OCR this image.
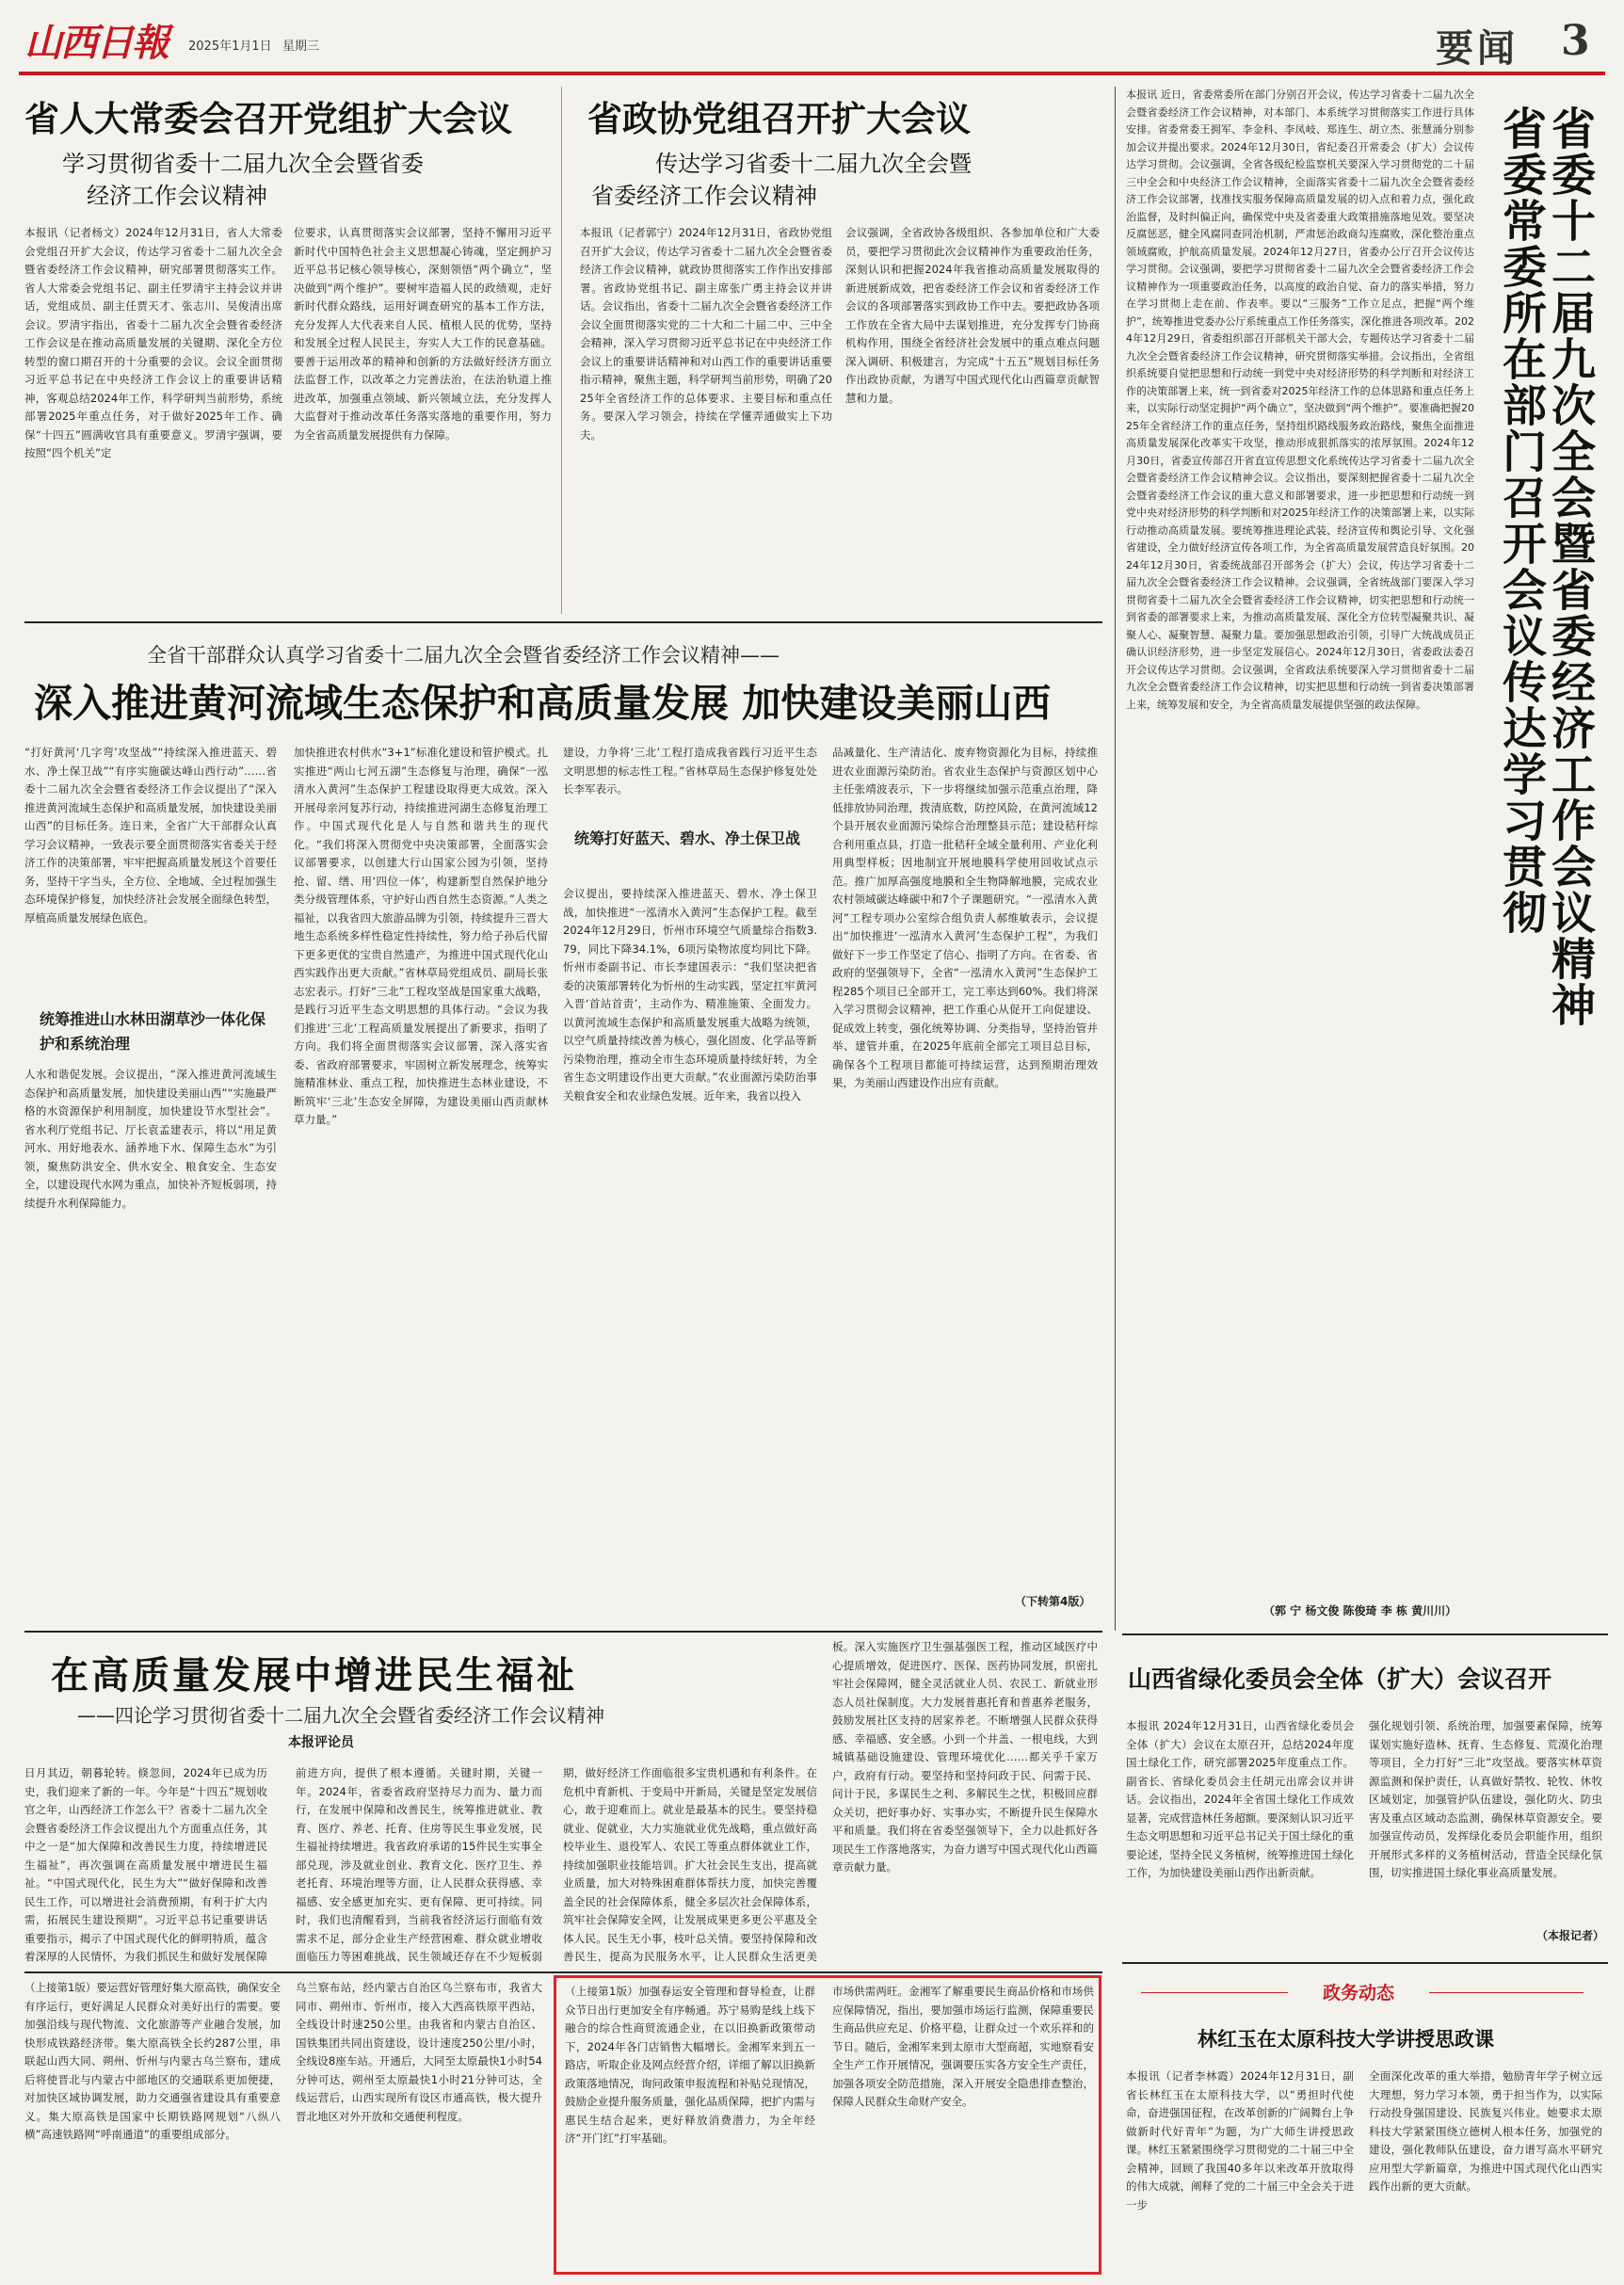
山西日報 2025年1月1日 星期三	要闻 3
省人大常委会召开党组扩大会议
学习贯彻省委十二届九次全会暨省委
经济工作会议精神
本报讯（记者杨文）2024年12月31日，省人大常委会党组召开扩大会议，传达学习省委十二届九次全会暨省委经济工作会议精神，研究部署贯彻落实工作。省人大常委会党组书记、副主任罗清宇主持会议并讲话，党组成员、副主任贾天才、张志川、吴俊清出席会议。罗清宇指出，省委十二届九次全会暨省委经济工作会议是在推动高质量发展的关键期、深化全方位转型的窗口期召开的十分重要的会议。会议全面贯彻习近平总书记在中央经济工作会议上的重要讲话精神，客观总结2024年工作，科学研判当前形势，系统部署2025年重点任务，对于做好2025年工作、确保“十四五”圆满收官具有重要意义。罗清宇强调，要按照“四个机关”定
位要求，认真贯彻落实会议部署，坚持不懈用习近平新时代中国特色社会主义思想凝心铸魂，坚定拥护习近平总书记核心领导核心，深刻领悟“两个确立”，坚决做到“两个维护”。要树牢造福人民的政绩观，走好新时代群众路线，运用好调查研究的基本工作方法，充分发挥人大代表来自人民、植根人民的优势，坚持和发展全过程人民民主，夯实人大工作的民意基础。要善于运用改革的精神和创新的方法做好经济方面立法监督工作，以改革之力完善法治，在法治轨道上推进改革，加强重点领域、新兴领域立法，充分发挥人大监督对于推动改革任务落实落地的重要作用，努力为全省高质量发展提供有力保障。
省政协党组召开扩大会议
传达学习省委十二届九次全会暨
省委经济工作会议精神
本报讯（记者郭宁）2024年12月31日，省政协党组召开扩大会议，传达学习省委十二届九次全会暨省委经济工作会议精神，就政协贯彻落实工作作出安排部署。省政协党组书记、副主席张广勇主持会议并讲话。会议指出，省委十二届九次全会暨省委经济工作会议全面贯彻落实党的二十大和二十届二中、三中全会精神，深入学习贯彻习近平总书记在中央经济工作会议上的重要讲话精神和对山西工作的重要讲话重要指示精神，聚焦主题，科学研判当前形势，明确了2025年全省经济工作的总体要求、主要目标和重点任务。要深入学习领会，持续在学懂弄通做实上下功夫。
会议强调，全省政协各级组织、各参加单位和广大委员，要把学习贯彻此次会议精神作为重要政治任务，深刻认识和把握2024年我省推动高质量发展取得的新进展新成效，把省委经济工作会议和省委经济工作会议的各项部署落实到政协工作中去。要把政协各项工作放在全省大局中去谋划推进，充分发挥专门协商机构作用，围绕全省经济社会发展中的重点难点问题深入调研、积极建言，为完成“十五五”规划目标任务作出政协贡献，为谱写中国式现代化山西篇章贡献智慧和力量。
本报讯 近日，省委常委所在部门分别召开会议，传达学习省委十二届九次全会暨省委经济工作会议精神，对本部门、本系统学习贯彻落实工作进行具体安排。省委常委王拥军、李金科、李凤岐、郑连生、胡立杰、张慧涌分别参加会议并提出要求。2024年12月30日，省纪委召开常委会（扩大）会议传达学习贯彻。会议强调，全省各级纪检监察机关要深入学习贯彻党的二十届三中全会和中央经济工作会议精神，全面落实省委十二届九次全会暨省委经济工作会议部署，找准找实服务保障高质量发展的切入点和着力点，强化政治监督，及时纠偏正向，确保党中央及省委重大政策措施落地见效。要坚决反腐惩恶，健全风腐同查同治机制，严肃惩治政商勾连腐败，深化整治重点领域腐败，护航高质量发展。2024年12月27日，省委办公厅召开会议传达学习贯彻。会议强调，要把学习贯彻省委十二届九次全会暨省委经济工作会议精神作为一项重要政治任务，以高度的政治自觉、奋力的落实举措，努力在学习贯彻上走在前、作表率。要以“三服务”工作立足点，把握“两个维护”，统筹推进党委办公厅系统重点工作任务落实，深化推进各项改革。2024年12月29日，省委组织部召开部机关干部大会，专题传达学习省委十二届九次全会暨省委经济工作会议精神，研究贯彻落实举措。会议指出，全省组织系统要自觉把思想和行动统一到党中央对经济形势的科学判断和对经济工作的决策部署上来，统一到省委对2025年经济工作的总体思路和重点任务上来，以实际行动坚定拥护“两个确立”，坚决做到“两个维护”。要准确把握2025年全省经济工作的重点任务，坚持组织路线服务政治路线，聚焦全面推进高质量发展深化改革实干攻坚，推动形成狠抓落实的浓厚氛围。2024年12月30日，省委宣传部召开省直宣传思想文化系统传达学习省委十二届九次全会暨省委经济工作会议精神会议。会议指出，要深刻把握省委十二届九次全会暨省委经济工作会议的重大意义和部署要求，进一步把思想和行动统一到党中央对经济形势的科学判断和对2025年经济工作的决策部署上来，以实际行动推动高质量发展。要统筹推进理论武装、经济宣传和舆论引导、文化强省建设，全力做好经济宣传各项工作，为全省高质量发展营造良好氛围。2024年12月30日，省委统战部召开部务会（扩大）会议，传达学习省委十二届九次全会暨省委经济工作会议精神。会议强调，全省统战部门要深入学习贯彻省委十二届九次全会暨省委经济工作会议精神，切实把思想和行动统一到省委的部署要求上来，为推动高质量发展、深化全方位转型凝聚共识、凝聚人心、凝聚智慧、凝聚力量。要加强思想政治引领，引导广大统战成员正确认识经济形势，进一步坚定发展信心。2024年12月30日，省委政法委召开会议传达学习贯彻。会议强调，全省政法系统要深入学习贯彻省委十二届九次全会暨省委经济工作会议精神，切实把思想和行动统一到省委决策部署上来，统筹发展和安全，为全省高质量发展提供坚强的政法保障。	省委常委所在部门召开会议传达学习贯彻
省委十二届九次全会暨省委经济工作会议精神
（郭 宁 杨文俊 陈俊琦 李 栋 黄川川）
全省干部群众认真学习省委十二届九次全会暨省委经济工作会议精神——
深入推进黄河流域生态保护和高质量发展 加快建设美丽山西
“打好黄河‘几字弯’攻坚战”“持续深入推进蓝天、碧水、净土保卫战”“有序实施碳达峰山西行动”……省委十二届九次全会暨省委经济工作会议提出了“深入推进黄河流域生态保护和高质量发展，加快建设美丽山西”的目标任务。连日来，全省广大干部群众认真学习会议精神，一致表示要全面贯彻落实省委关于经济工作的决策部署，牢牢把握高质量发展这个首要任务，坚持干字当头，全方位、全地域、全过程加强生态环境保护修复，加快经济社会发展全面绿色转型，厚植高质量发展绿色底色。
统筹推进山水林田湖草沙一体化保护和系统治理
人水和谐促发展。会议提出，“深入推进黄河流域生态保护和高质量发展，加快建设美丽山西”“实施最严格的水资源保护利用制度，加快建设节水型社会”。省水利厅党组书记、厅长袁孟建表示，将以“用足黄河水、用好地表水、涵养地下水、保障生态水”为引领，聚焦防洪安全、供水安全、粮食安全、生态安全，以建设现代水网为重点，加快补齐短板弱项，持续提升水利保障能力。
加快推进农村供水“3+1”标准化建设和管护模式。扎实推进“两山七河五湖”生态修复与治理，确保“一泓清水入黄河”生态保护工程建设取得更大成效。深入开展母亲河复苏行动，持续推进河湖生态修复治理工作。中国式现代化是人与自然和谐共生的现代化。“我们将深入贯彻党中央决策部署，全面落实会议部署要求，以创建大行山国家公园为引领，坚持抢、留、缮、用‘四位一体’，构建新型自然保护地分类分级管理体系，守护好山西自然生态资源。”人类之福祉，以我省四大旅游品牌为引领，持续提升三晋大地生态系统多样性稳定性持续性，努力给子孙后代留下更多更优的宝贵自然遗产，为推进中国式现代化山西实践作出更大贡献。”省林草局党组成员、副局长张志宏表示。打好“三北”工程攻坚战是国家重大战略，是践行习近平生态文明思想的具体行动。“会议为我们推进‘三北’工程高质量发展提出了新要求，指明了方向。我们将全面贯彻落实会议部署，深入落实省委、省政府部署要求，牢固树立新发展理念，统筹实施精准林业、重点工程，加快推进生态林业建设，不断筑牢‘三北’生态安全屏障，为建设美丽山西贡献林草力量。”
建设，力争将‘三北’工程打造成我省践行习近平生态文明思想的标志性工程。”省林草局生态保护修复处处长李军表示。
统筹打好蓝天、碧水、净土保卫战
会议提出，要持续深入推进蓝天、碧水、净土保卫战，加快推进“一泓清水入黄河”生态保护工程。截至2024年12月29日，忻州市环境空气质量综合指数3.79，同比下降34.1%，6项污染物浓度均同比下降。忻州市委副书记、市长李建国表示：“我们坚决把省委的决策部署转化为忻州的生动实践，坚定扛牢黄河入晋‘首站首责’，主动作为、精准施策、全面发力。以黄河流域生态保护和高质量发展重大战略为统领，以空气质量持续改善为核心，强化固废、化学品等新污染物治理，推动全市生态环境质量持续好转，为全省生态文明建设作出更大贡献。”农业面源污染防治事关粮食安全和农业绿色发展。近年来，我省以投入
品减量化、生产清洁化、废弃物资源化为目标，持续推进农业面源污染防治。省农业生态保护与资源区划中心主任张靖波表示，下一步将继续加强示范重点治理，降低排放协同治理，拨清底数，防控风险，在黄河流域12个县开展农业面源污染综合治理整县示范；建设秸秆综合利用重点县，打造一批秸秆全域全量利用、产业化利用典型样板；因地制宜开展地膜科学使用回收试点示范。推广加厚高强度地膜和全生物降解地膜，完成农业农村领域碳达峰碳中和7个子课题研究。“一泓清水入黄河”工程专项办公室综合组负责人郝维敏表示，会议提出“加快推进‘一泓清水入黄河’生态保护工程”，为我们做好下一步工作坚定了信心、指明了方向。在省委、省政府的坚强领导下，全省“一泓清水入黄河”生态保护工程285个项目已全部开工，完工率达到60%。我们将深入学习贯彻会议精神，把工作重心从促开工向促建设、促成效上转变，强化统筹协调、分类指导，坚持治管并举、建管并重，在2025年底前全部完工项目总目标，确保各个工程项目都能可持续运营，达到预期治理效果，为美丽山西建设作出应有贡献。
（下转第4版）
在高质量发展中增进民生福祉
——四论学习贯彻省委十二届九次全会暨省委经济工作会议精神
本报评论员
日月其迈，朝暮轮转。倏忽间，2024年已成为历史，我们迎来了新的一年。今年是“十四五”规划收官之年，山西经济工作怎么干？省委十二届九次全会暨省委经济工作会议提出九个方面重点任务，其中之一是“加大保障和改善民生力度，持续增进民生福祉”，再次强调在高质量发展中增进民生福祉。“中国式现代化，民生为大”“做好保障和改善民生工作，可以增进社会消费预期，有利于扩大内需，拓展民生建设预期”。习近平总书记重要讲话重要指示，揭示了中国式现代化的鲜明特质，蕴含着深厚的人民情怀，为我们抓民生和做好发展保障
前进方向，提供了根本遵循。关键时期，关键一年。2024年，省委省政府坚持尽力而为、量力而行，在发展中保障和改善民生，统筹推进就业、教育、医疗、养老、托育、住房等民生事业发展，民生福祉持续增进。我省政府承诺的15件民生实事全部兑现，涉及就业创业、教育文化、医疗卫生、养老托育、环境治理等方面，让人民群众获得感、幸福感、安全感更加充实、更有保障、更可持续。同时，我们也清醒看到，当前我省经济运行面临有效需求不足，部分企业生产经营困难、群众就业增收面临压力等困难挑战，民生领域还存在不少短板弱
期，做好经济工作面临很多宝贵机遇和有利条件。在危机中育新机、于变局中开新局，关键是坚定发展信心，敢于迎难而上。就业是最基本的民生。要坚持稳就业、促就业，大力实施就业优先战略，重点做好高校毕业生、退役军人、农民工等重点群体就业工作，持续加强职业技能培训。扩大社会民生支出，提高就业质量，加大对特殊困难群体帮扶力度，加快完善覆盖全民的社会保障体系，健全多层次社会保障体系，筑牢社会保障安全网，让发展成果更多更公平惠及全体人民。民生无小事，枝叶总关情。要坚持保障和改善民生，提高为民服务水平，让人民群众生活更美
板。深入实施医疗卫生强基强医工程，推动区域医疗中心提质增效，促进医疗、医保、医药协同发展，织密扎牢社会保障网，健全灵活就业人员、农民工、新就业形态人员社保制度。大力发展普惠托育和普惠养老服务，鼓励发展社区支持的居家养老。不断增强人民群众获得感、幸福感、安全感。小到一个井盖、一根电线，大到城镇基础设施建设、管理环境优化……都关乎千家万户，政府有行动。要坚持和坚持问政于民、问需于民、问计于民，多谋民生之利、多解民生之忧，积极回应群众关切，把好事办好、实事办实，不断提升民生保障水平和质量。我们将在省委坚强领导下，全力以赴抓好各项民生工作落地落实，为奋力谱写中国式现代化山西篇章贡献力量。
山西省绿化委员会全体（扩大）会议召开
本报讯 2024年12月31日，山西省绿化委员会全体（扩大）会议在太原召开，总结2024年度国土绿化工作，研究部署2025年度重点工作。副省长、省绿化委员会主任胡元出席会议并讲话。会议指出，2024年全省国土绿化工作成效显著，完成营造林任务超额。要深刻认识习近平生态文明思想和习近平总书记关于国土绿化的重要论述，坚持全民义务植树，统筹推进国土绿化工作，为加快建设美丽山西作出新贡献。
强化规划引领、系统治理，加强要素保障，统筹谋划实施好造林、抚育、生态修复、荒漠化治理等项目，全力打好“三北”攻坚战。要落实林草资源监测和保护责任，认真做好禁牧、轮牧、休牧区域划定，加强管护队伍建设，强化防火、防虫害及重点区域动态监测，确保林草资源安全。要加强宣传动员，发挥绿化委员会职能作用，组织开展形式多样的义务植树活动，营造全民绿化氛围，切实推进国土绿化事业高质量发展。
（本报记者）
（上接第1版）要运营好管理好集大原高铁，确保安全有序运行，更好满足人民群众对美好出行的需要。要加强沿线与现代物流、文化旅游等产业融合发展，加快形成铁路经济带。集大原高铁全长约287公里，串联起山西大同、朔州、忻州与内蒙古乌兰察布，建成后将使晋北与内蒙古中部地区的交通联系更加便捷，对加快区域协调发展，助力交通强省建设具有重要意义。集大原高铁是国家中长期铁路网规划“八纵八横”高速铁路网“呼南通道”的重要组成部分。
乌兰察布站，经内蒙古自治区乌兰察布市，我省大同市、朔州市、忻州市，接入大西高铁原平西站，全线设计时速250公里。由我省和内蒙古自治区、国铁集团共同出资建设，设计速度250公里/小时，全线设8座车站。开通后，大同至太原最快1小时54分钟可达，朔州至太原最快1小时21分钟可达，全线运营后，山西实现所有设区市通高铁，极大提升晋北地区对外开放和交通便利程度。
（上接第1版）加强春运安全管理和督导检查，让群众节日出行更加安全有序畅通。苏宁易购是线上线下融合的综合性商贸流通企业，在以旧换新政策带动下，2024年各门店销售大幅增长。金湘军来到五一路店，听取企业及网点经营介绍，详细了解以旧换新政策落地情况，询问政策申报流程和补贴兑现情况，鼓励企业提升服务质量，强化品质保障，把扩内需与惠民生结合起来，更好释放消费潜力，为全年经济“开门红”打牢基础。
市场供需两旺。金湘军了解重要民生商品价格和市场供应保障情况，指出，要加强市场运行监测，保障重要民生商品供应充足、价格平稳，让群众过一个欢乐祥和的节日。随后，金湘军来到太原市大型商超，实地察看安全生产工作开展情况，强调要压实各方安全生产责任，加强各项安全防范措施，深入开展安全隐患排查整治，保障人民群众生命财产安全。
政务动态
林红玉在太原科技大学讲授思政课
本报讯（记者李林霞）2024年12月31日，副省长林红玉在太原科技大学，以“勇担时代使命，奋进强国征程，在改革创新的广阔舞台上争做新时代好青年”为题，为广大师生讲授思政课。林红玉紧紧围绕学习贯彻党的二十届三中全会精神，回顾了我国40多年以来改革开放取得的伟大成就，阐释了党的二十届三中全会关于进一步
全面深化改革的重大举措，勉励青年学子树立远大理想，努力学习本领，勇于担当作为，以实际行动投身强国建设、民族复兴伟业。她要求太原科技大学紧紧围绕立德树人根本任务，加强党的建设，强化教师队伍建设，奋力谱写高水平研究应用型大学新篇章，为推进中国式现代化山西实践作出新的更大贡献。
